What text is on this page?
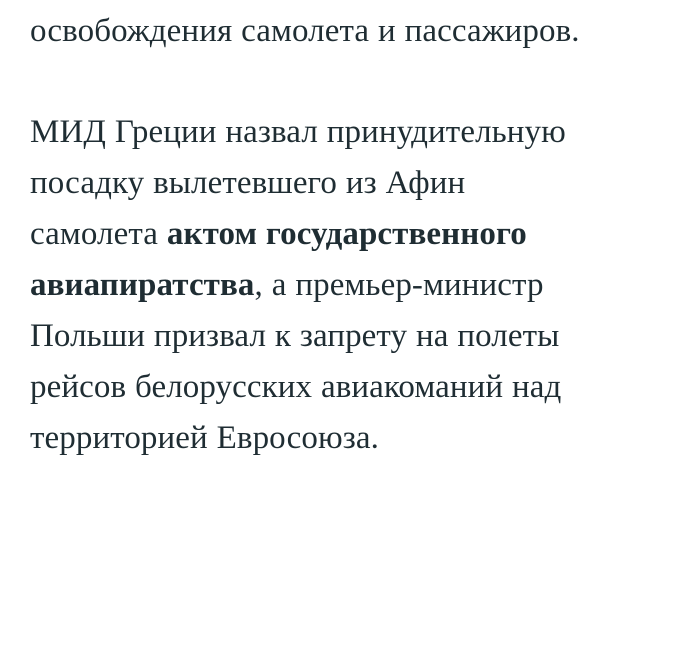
освобождения самолета и пассажиров.

МИД Греции назвал принудительную посадку вылетевшего из Афин самолета актом государственного авиапиратства, а премьер-министр Польши призвал к запрету на полеты рейсов белорусских авиакоманий над территорией Евросоюза.
